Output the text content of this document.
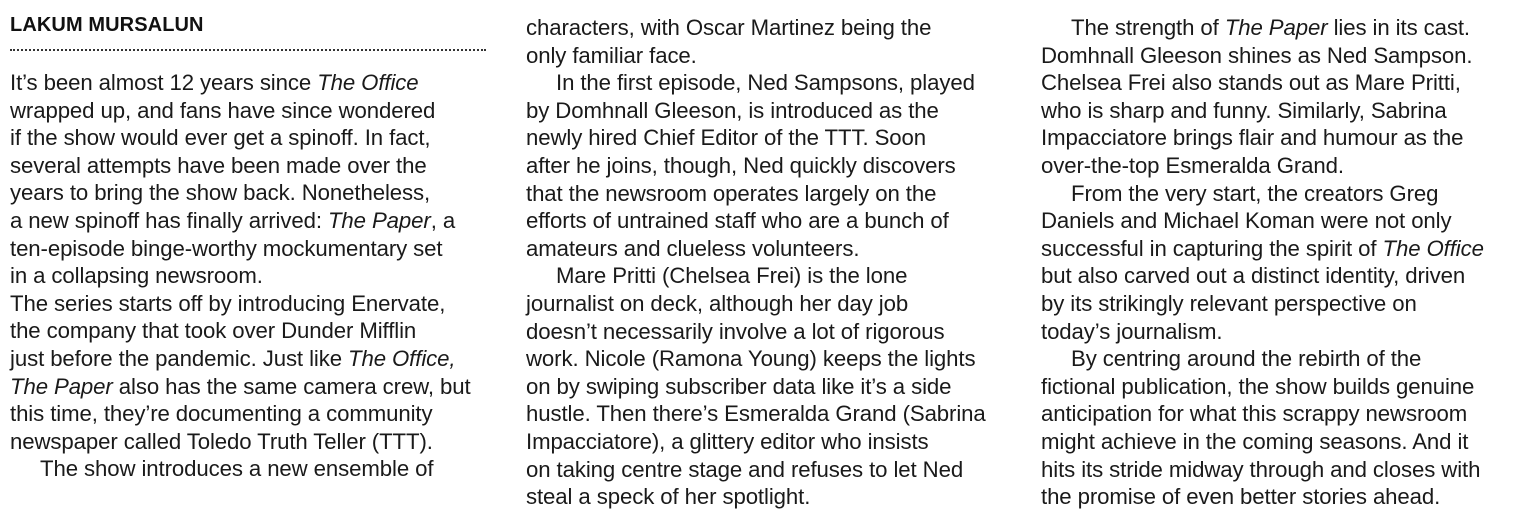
LAKUM MURSALUN
It’s been almost 12 years since The Office
wrapped up, and fans have since wondered
if the show would ever get a spinoff. In fact,
several attempts have been made over the
years to bring the show back. Nonetheless,
a new spinoff has finally arrived: The Paper, a
ten-episode binge-worthy mockumentary set
in a collapsing newsroom.
The series starts off by introducing Enervate,
the company that took over Dunder Mifflin
just before the pandemic. Just like The Office,
The Paper also has the same camera crew, but
this time, they’re documenting a community
newspaper called Toledo Truth Teller (TTT).
The show introduces a new ensemble of
characters, with Oscar Martinez being the
only familiar face.
In the first episode, Ned Sampsons, played
by Domhnall Gleeson, is introduced as the
newly hired Chief Editor of the TTT. Soon
after he joins, though, Ned quickly discovers
that the newsroom operates largely on the
efforts of untrained staff who are a bunch of
amateurs and clueless volunteers.
Mare Pritti (Chelsea Frei) is the lone
journalist on deck, although her day job
doesn’t necessarily involve a lot of rigorous
work. Nicole (Ramona Young) keeps the lights
on by swiping subscriber data like it’s a side
hustle. Then there’s Esmeralda Grand (Sabrina
Impacciatore), a glittery editor who insists
on taking centre stage and refuses to let Ned
steal a speck of her spotlight.
The strength of The Paper lies in its cast.
Domhnall Gleeson shines as Ned Sampson.
Chelsea Frei also stands out as Mare Pritti,
who is sharp and funny. Similarly, Sabrina
Impacciatore brings flair and humour as the
over-the-top Esmeralda Grand.
From the very start, the creators Greg
Daniels and Michael Koman were not only
successful in capturing the spirit of The Office
but also carved out a distinct identity, driven
by its strikingly relevant perspective on
today’s journalism.
By centring around the rebirth of the
fictional publication, the show builds genuine
anticipation for what this scrappy newsroom
might achieve in the coming seasons. And it
hits its stride midway through and closes with
the promise of even better stories ahead.
